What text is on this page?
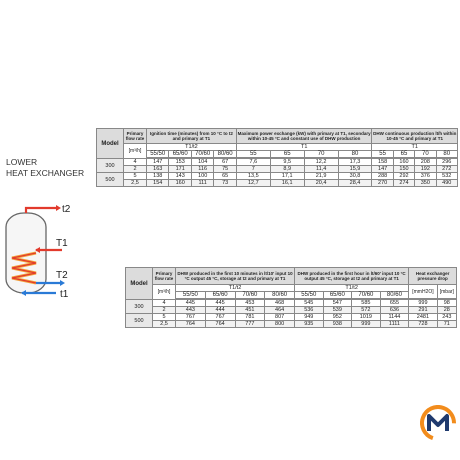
LOWER
HEAT EXCHANGER
t2
T1
T2
t1
Model	Primary flow rate	Ignition time (minutes) from 10 °C to t2 and primary at T1				Maximum power exchange (kW) with primary at T1, secondary within 10-45 °C and constant use of DHW production				DHW continuous production lt/h within 10-45 °C and primary at T1			
	[m³/h]	T1/t2				T1				T1			
		55/50	65/60	70/60	80/60	55	65	70	80	55	65	70	80

300	4	147	153	104	67	7,6	9,5	12,2	17,3	158	160	208	296
	2	163	171	116	75	7	8,9	11,4	15,9	147	150	192	272
500	5	138	143	100	65	13,5	17,1	21,9	30,8	288	292	376	532
	2,5	154	160	111	73	12,7	16,1	20,4	28,4	270	274	350	490
Model	Primary flow rate	DHW produced in the first 10 minutes in lt/10' input 10 °C output 45 °C, storage at t2 and primary at T1				DHW produced in the first hour in lt/60' input 10 °C output 45 °C, storage at t2 and primary at T1				Heat exchanger pressure drop	
	[m³/h]	T1/t2				T1/t2				[mmH2O]	[mbar]
		55/50	65/60	70/60	80/60	55/50	65/60	70/60	80/60		

300	4	445	445	453	468	545	547	585	655	999	98
	2	443	444	451	464	536	539	572	636	291	28
500	5	767	767	781	807	949	952	1019	1144	2481	243
	2,5	764	764	777	800	935	938	999	1111	728	71
